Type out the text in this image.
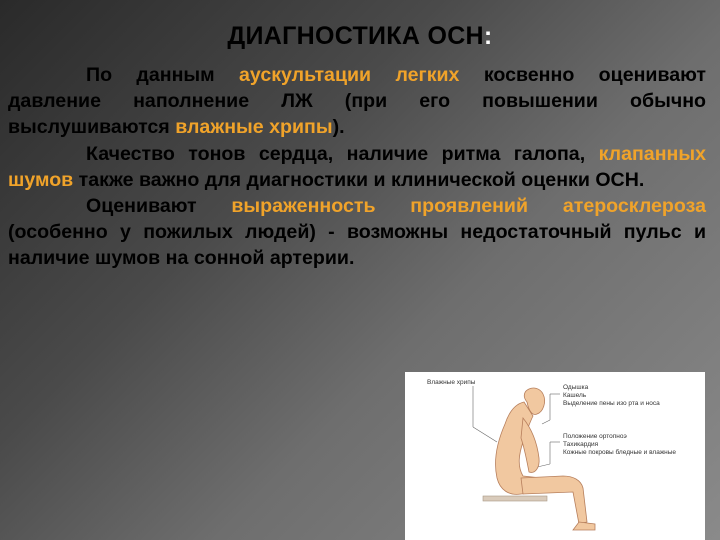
ДИАГНОСТИКА ОСН:

По данным аускультации легких косвенно оценивают давление наполнение ЛЖ (при его повышении обычно выслушиваются влажные хрипы).

Качество тонов сердца, наличие ритма галопа, клапанных шумов также важно для диагностики и клинической оценки ОСН.

Оценивают выраженность проявлений атеросклероза (особенно у пожилых людей) - возможны недостаточный пульс и наличие шумов на сонной артерии.

Влажные хрипы
Одышка
Кашель
Выделение пены изо рта и носа
Положение ортопноэ
Тахикардия
Кожные покровы бледные и влажные
